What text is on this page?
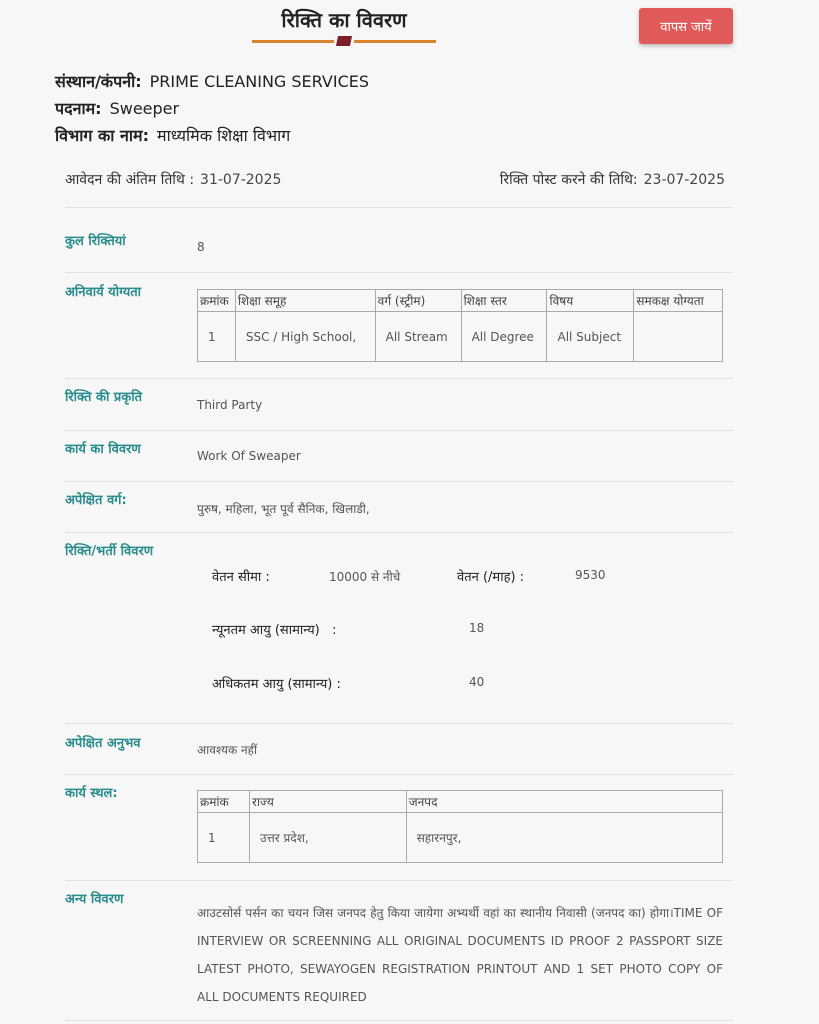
रिक्ति का विवरण	वापस जायें
संस्थान/कंपनी: PRIME CLEANING SERVICES
पदनाम: Sweeper
विभाग का नाम: माध्यमिक शिक्षा विभाग
आवेदन की अंतिम तिथि : 31-07-2025	रिक्ति पोस्ट करने की तिथि: 23-07-2025
कुल रिक्तियां	8
अनिवार्य योग्यता
क्रमांक	शिक्षा समूह	वर्ग (स्ट्रीम)	शिक्षा स्तर	विषय	समकक्ष योग्यता
1	SSC / High School,	All Stream	All Degree	All Subject	
रिक्ति की प्रकृति	Third Party
कार्य का विवरण	Work Of Sweaper
अपेक्षित वर्ग:
पुरुष, महिला, भूत पूर्व सैनिक, खिलाडी,
रिक्ति/भर्ती विवरण
वेतन सीमा :	10000 से नीचे	वेतन (/माह) :	9530
न्यूनतम आयु (सामान्य)   :	18
अधिकतम आयु (सामान्य) :	40
अपेक्षित अनुभव	आवश्यक नहीं
कार्य स्थल:
क्रमांक	राज्य	जनपद
1	उत्तर प्रदेश,	सहारनपुर,
अन्य विवरण
आउटसोर्स पर्सन का चयन जिस जनपद हेतु किया जायेगा अभ्यर्थी वहां का स्थानीय निवासी (जनपद का) होगा।TIME OF INTERVIEW OR SCREENNING ALL ORIGINAL DOCUMENTS ID PROOF 2 PASSPORT SIZE LATEST PHOTO, SEWAYOGEN REGISTRATION PRINTOUT AND 1 SET PHOTO COPY OF ALL DOCUMENTS REQUIRED
